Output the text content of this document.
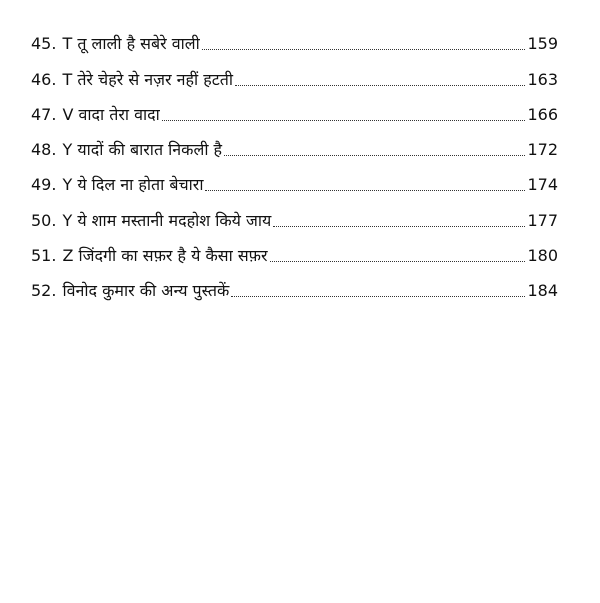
45. T तू लाली है सबेरे वाली	159
46. T तेरे चेहरे से नज़र नहीं हटती	163
47. V वादा तेरा वादा	166
48. Y यादों की बारात निकली है	172
49. Y ये दिल ना होता बेचारा	174
50. Y ये शाम मस्तानी मदहोश किये जाय	177
51. Z जिंदगी का सफ़र है ये कैसा सफ़र	180
52. विनोद कुमार की अन्य पुस्तकें	184
